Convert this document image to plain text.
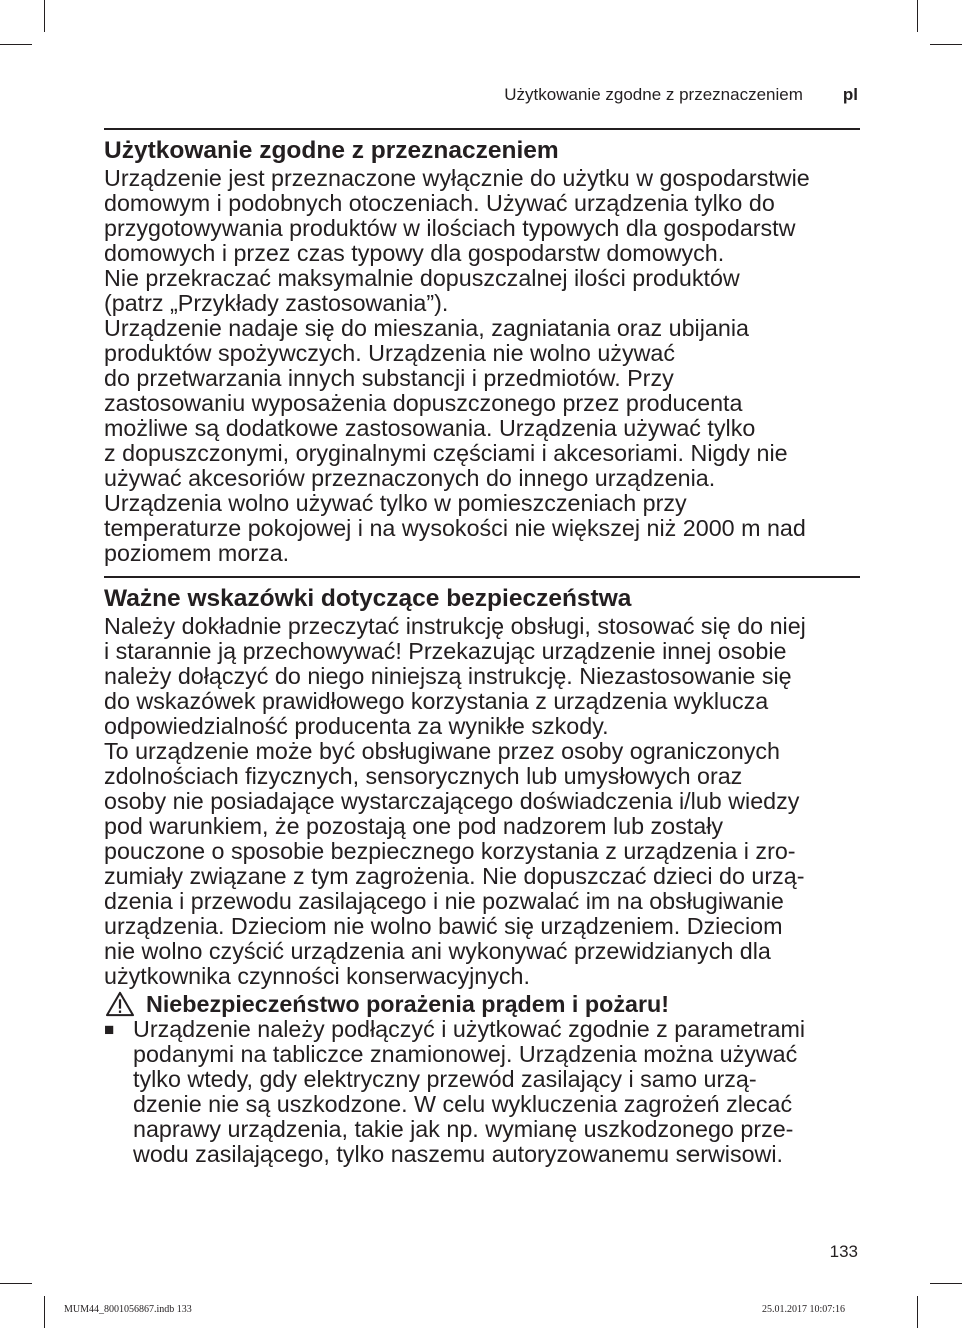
Użytkowanie zgodne z przeznaczeniem pl
Użytkowanie zgodne z przeznaczeniem

Urządzenie jest przeznaczone wyłącznie do użytku w gospodarstwie
domowym i podobnych otoczeniach. Używać urządzenia tylko do
przygotowywania produktów w ilościach typowych dla gospodarstw
domowych i przez czas typowy dla gospodarstw domowych.
Nie przekraczać maksymalnie dopuszczalnej ilości produktów
(patrz „Przykłady zastosowania”).
Urządzenie nadaje się do mieszania, zagniatania oraz ubijania
produktów spożywczych. Urządzenia nie wolno używać
do przetwarzania innych substancji i przedmiotów. Przy
zastosowaniu wyposażenia dopuszczonego przez producenta
możliwe są dodatkowe zastosowania. Urządzenia używać tylko
z dopuszczonymi, oryginalnymi częściami i akcesoriami. Nigdy nie
używać akcesoriów przeznaczonych do innego urządzenia.
Urządzenia wolno używać tylko w pomieszczeniach przy
temperaturze pokojowej i na wysokości nie większej niż 2000 m nad
poziomem morza.

Ważne wskazówki dotyczące bezpieczeństwa

Należy dokładnie przeczytać instrukcję obsługi, stosować się do niej
i starannie ją przechowywać! Przekazując urządzenie innej osobie
należy dołączyć do niego niniejszą instrukcję. Niezastosowanie się
do wskazówek prawidłowego korzystania z urządzenia wyklucza
odpowiedzialność producenta za wynikłe szkody.
To urządzenie może być obsługiwane przez osoby ograniczonych
zdolnościach fizycznych, sensorycznych lub umysłowych oraz
osoby nie posiadające wystarczającego doświadczenia i/lub wiedzy
pod warunkiem, że pozostają one pod nadzorem lub zostały
pouczone o sposobie bezpiecznego korzystania z urządzenia i zro-
zumiały związane z tym zagrożenia. Nie dopuszczać dzieci do urzą-
dzenia i przewodu zasilającego i nie pozwalać im na obsługiwanie
urządzenia. Dzieciom nie wolno bawić się urządzeniem. Dzieciom
nie wolno czyścić urządzenia ani wykonywać przewidzianych dla
użytkownika czynności konserwacyjnych.

Niebezpieczeństwo porażenia prądem i pożaru!
■ Urządzenie należy podłączyć i użytkować zgodnie z parametrami
podanymi na tabliczce znamionowej. Urządzenia można używać
tylko wtedy, gdy elektryczny przewód zasilający i samo urzą-
dzenie nie są uszkodzone. W celu wykluczenia zagrożeń zlecać
naprawy urządzenia, takie jak np. wymianę uszkodzonego prze-
wodu zasilającego, tylko naszemu autoryzowanemu serwisowi.

133
MUM44_8001056867.indb 133	25.01.2017 10:07:16
